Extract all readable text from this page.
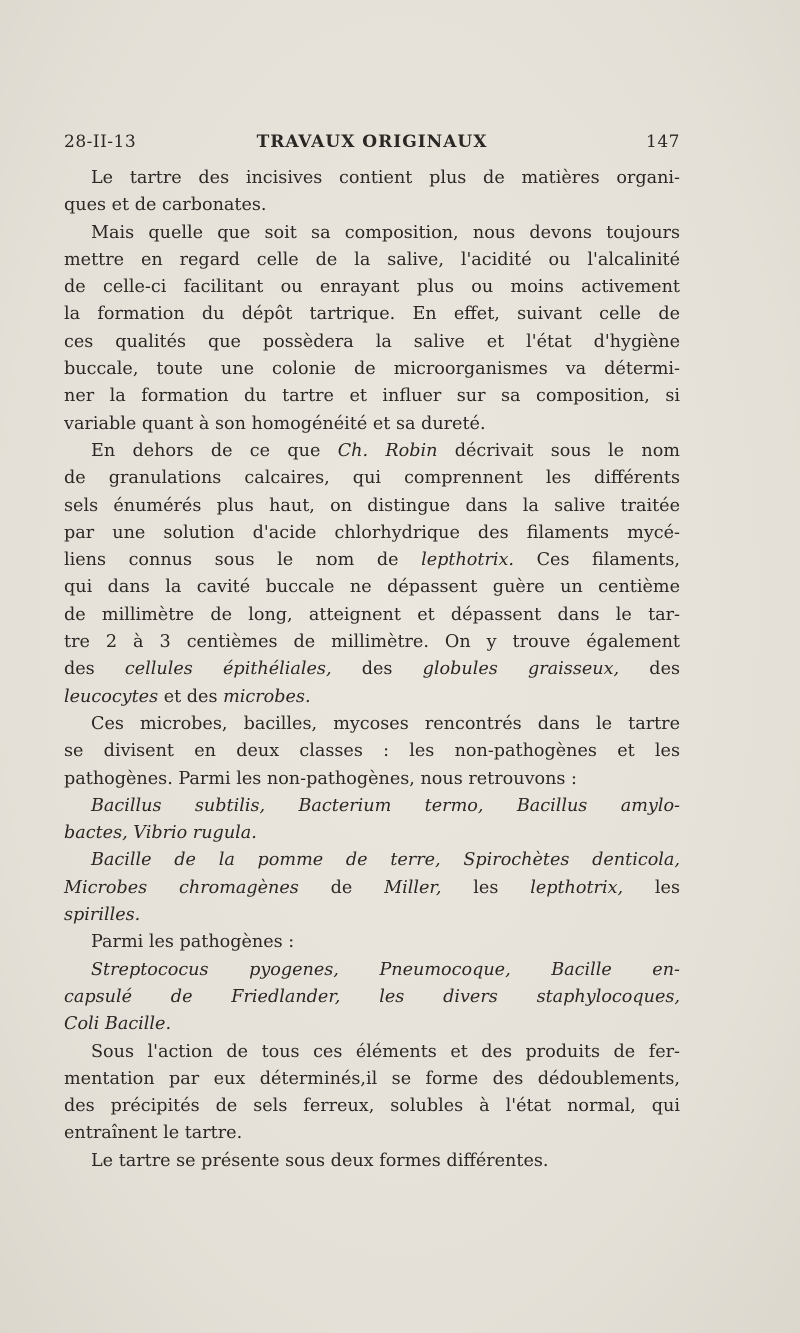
28-II-13	TRAVAUX ORIGINAUX	147
Le tartre des incisives contient plus de matières organi-
ques et de carbonates.
Mais quelle que soit sa composition, nous devons toujours
mettre en regard celle de la salive, l'acidité ou l'alcalinité
de celle-ci facilitant ou enrayant plus ou moins activement
la formation du dépôt tartrique. En effet, suivant celle de
ces qualités que possèdera la salive et l'état d'hygiène
buccale, toute une colonie de microorganismes va détermi-
ner la formation du tartre et influer sur sa composition, si
variable quant à son homogénéité et sa dureté.
En dehors de ce que Ch. Robin décrivait sous le nom
de granulations calcaires, qui comprennent les différents
sels énumérés plus haut, on distingue dans la salive traitée
par une solution d'acide chlorhydrique des filaments mycé-
liens connus sous le nom de lepthotrix. Ces filaments,
qui dans la cavité buccale ne dépassent guère un centième
de millimètre de long, atteignent et dépassent dans le tar-
tre 2 à 3 centièmes de millimètre. On y trouve également
des cellules épithéliales, des globules graisseux, des
leucocytes et des microbes.
Ces microbes, bacilles, mycoses rencontrés dans le tartre
se divisent en deux classes : les non-pathogènes et les
pathogènes. Parmi les non-pathogènes, nous retrouvons :
Bacillus subtilis, Bacterium termo, Bacillus amylo-
bactes, Vibrio rugula.
Bacille de la pomme de terre, Spirochètes denticola,
Microbes chromagènes de Miller, les lepthotrix, les
spirilles.
Parmi les pathogènes :
Streptococus pyogenes, Pneumocoque, Bacille en-
capsulé de Friedlander, les divers staphylocoques,
Coli Bacille.
Sous l'action de tous ces éléments et des produits de fer-
mentation par eux déterminés,il se forme des dédoublements,
des précipités de sels ferreux, solubles à l'état normal, qui
entraînent le tartre.
Le tartre se présente sous deux formes différentes.
